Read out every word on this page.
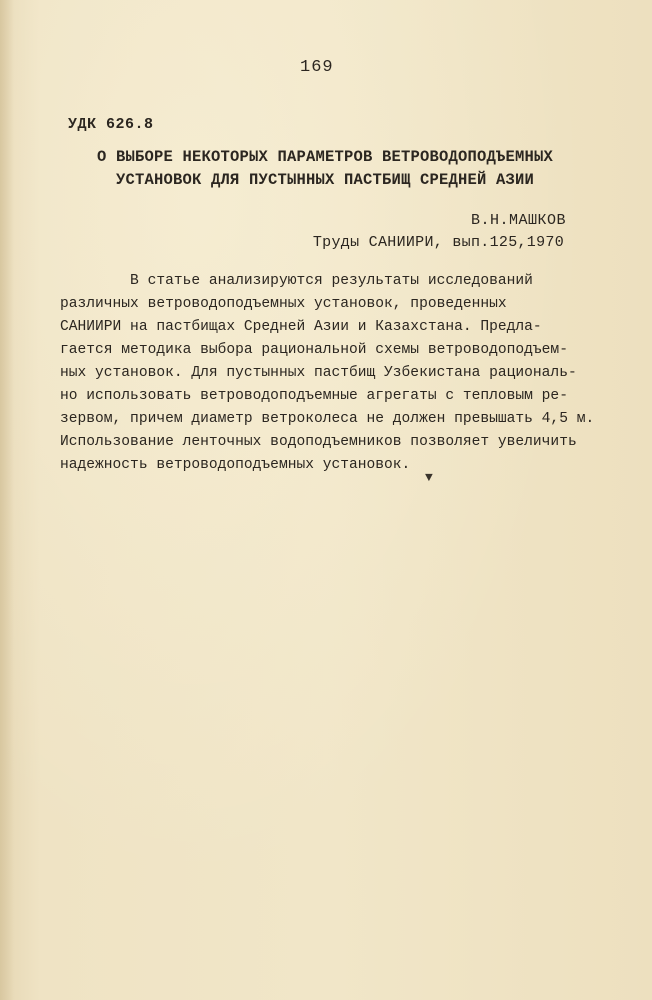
169
УДК 626.8
О ВЫБОРЕ НЕКОТОРЫХ ПАРАМЕТРОВ ВЕТРОВОДОПОДЪЕМНЫХ
УСТАНОВОК ДЛЯ ПУСТЫННЫХ ПАСТБИЩ СРЕДНЕЙ АЗИИ
В.Н.МАШКОВ
Труды САНИИРИ, вып.125,1970
В статье анализируются результаты исследований
различных ветроводоподъемных установок, проведенных
САНИИРИ на пастбищах Средней Азии и Казахстана. Предла-
гается методика выбора рациональной схемы ветроводоподъем-
ных установок. Для пустынных пастбищ Узбекистана рациональ-
но использовать ветроводоподъемные агрегаты с тепловым ре-
зервом, причем диаметр ветроколеса не должен превышать 4,5 м.
Использование ленточных водоподъемников позволяет увеличить
надежность ветроводоподъемных установок.
▼
